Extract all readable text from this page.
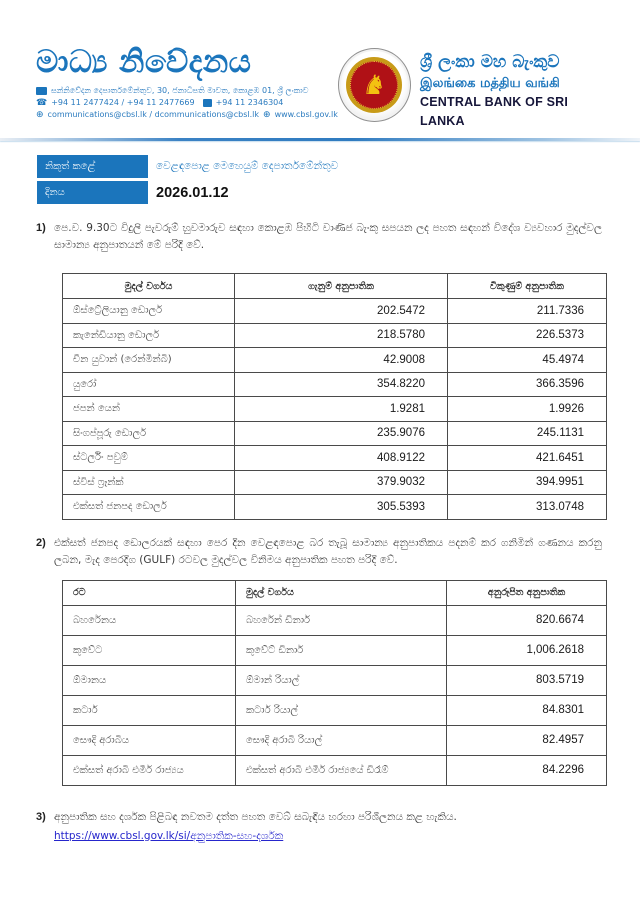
මාධ්‍ය නිවේදනය
සන්නිවේදන දෙපාර්තමේන්තුව, 30, ජනාධිපති මාවත, කොළඹ 01, ශ්‍රී ලංකාව
☎ +94 11 2477424 / +94 11 2477669	+94 11 2346304
⊕ communications@cbsl.lk / dcommunications@cbsl.lk ⊕ www.cbsl.gov.lk
♞
ශ්‍රී ලංකා මහ බැංකුව
இலங்கை மத்திய வங்கி
CENTRAL BANK OF SRI LANKA
නිකුත් කළේ	වෙළඳපොළ මෙහෙයුම් දෙපාර්තමේන්තුව
දිනය	2026.01.12
1) පෙ.ව. 9.30ට විදුලි පැවරුම් හුවමාරුව සඳහා කොළඹ පිහිටි වාණිජ බැංකු සපයන ලද පහත සඳහන් විදේශ ව්‍යවහාර මුදල්වල සාමාන්‍ය අනුපාතයන් මේ පරිදි වේ.

මුදල් වර්ගය	ගැනුම් අනුපාතික	විකුණුම් අනුපාතික
ඕස්ට්‍රේලියානු ඩොලර්	202.5472	211.7336
කැනේඩියානු ඩොලර්	218.5780	226.5373
චීන යුවාන් (රෙන්මින්බි)	42.9008	45.4974
යුරෝ	354.8220	366.3596
ජපන් යෙන්	1.9281	1.9926
සිංගප්පූරු ඩොලර්	235.9076	245.1131
ස්ටර්ලිං පවුම්	408.9122	421.6451
ස්විස් ෆ්‍රෑන්ක්	379.9032	394.9951
එක්සත් ජනපද ඩොලර්	305.5393	313.0748
2) එක්සත් ජනපද ඩොලරයක් සඳහා පෙර දින වෙළඳපොළ බර තැබූ සාමාන්‍ය අනුපාතිකය පදනම් කර ගනිමින් ගණනය කරනු ලබන, මැද පෙරදිග (GULF) රටවල මුදල්වල විනිමය අනුපාතික පහත පරිදි වේ.

රට	මුදල් වර්ගය	අනුරූපිත අනුපාතික
බහරේනය	බහරේන් ඩිනාර්	820.6674
කුවේට	කුවේට් ඩිනාර්	1,006.2618
ඕමානය	ඕමාන් රියාල්	803.5719
කටාර්	කටාර් රියාල්	84.8301
සෞදි අරාබිය	සෞදි අරාබි රියාල්	82.4957
එක්සත් අරාබි එමීර් රාජ්‍යය	එක්සත් අරාබි එමීර් රාජ්‍යයේ ඩිරෑම්	84.2296
3) අනුපාතික සහ දර්ශක පිළිබඳ නවතම දත්ත පහත වෙබ් සබැඳිය හරහා පරිශීලනය කළ හැකිය.

https://www.cbsl.gov.lk/si/අනුපාතික-සහ-දර්ශක
